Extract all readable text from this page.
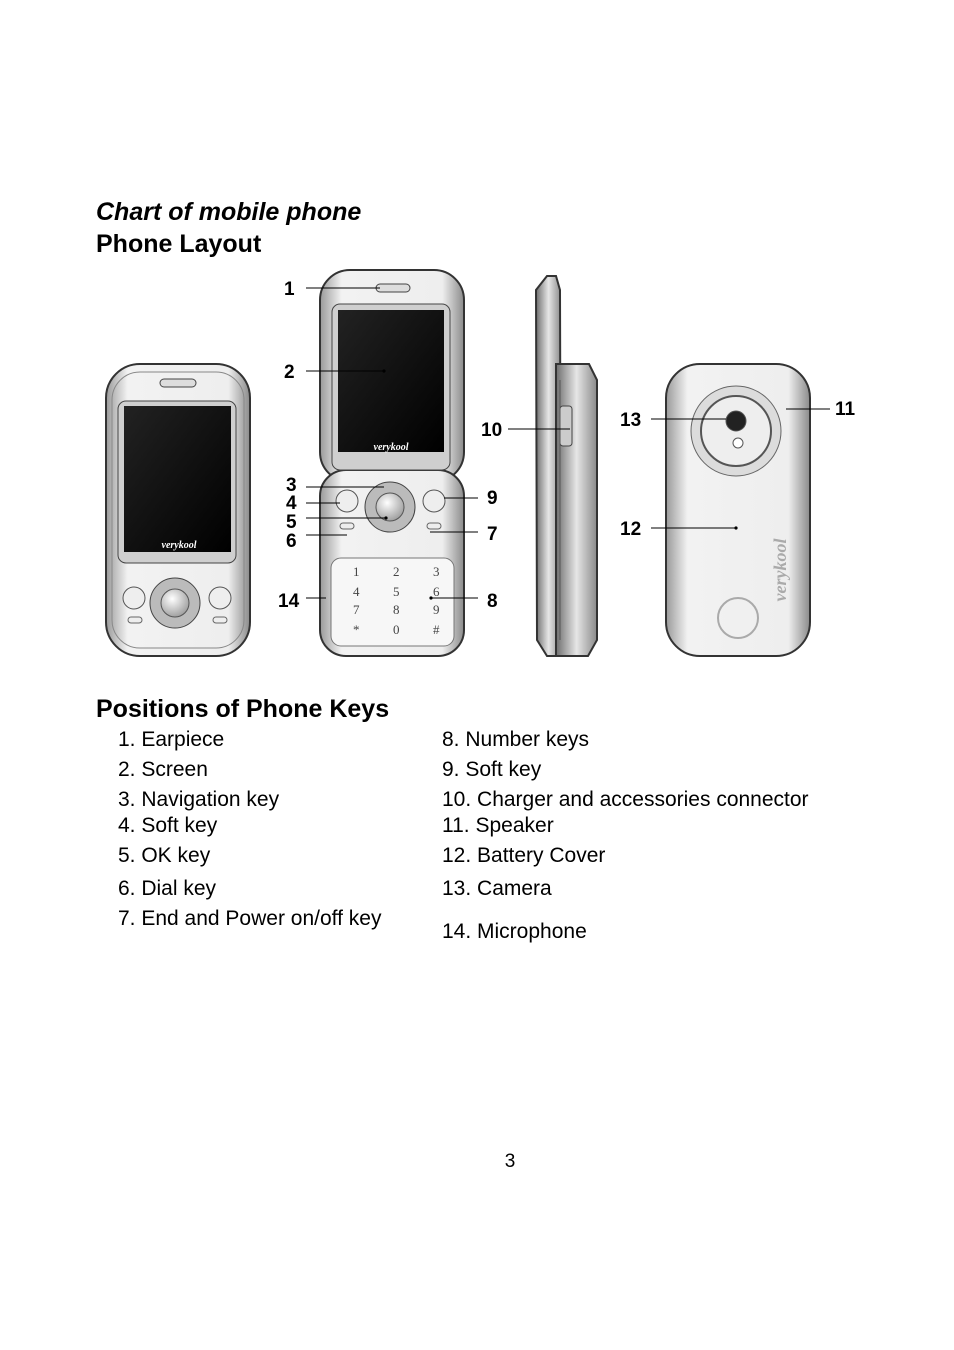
Chart of mobile phone
Phone Layout
verykool
verykool
1	2	3
4	5	6
7	8	9
*	0	#
verykool
1
2
3
4
5
6	7
8
9
10
11
12
13
14
Positions of Phone Keys
1. Earpiece
2. Screen
3. Navigation key
4. Soft key
5. OK key
6. Dial key
7. End and Power on/off key
8. Number keys
9. Soft key
10. Charger and accessories connector
11. Speaker
12. Battery Cover
13. Camera
14. Microphone
3
